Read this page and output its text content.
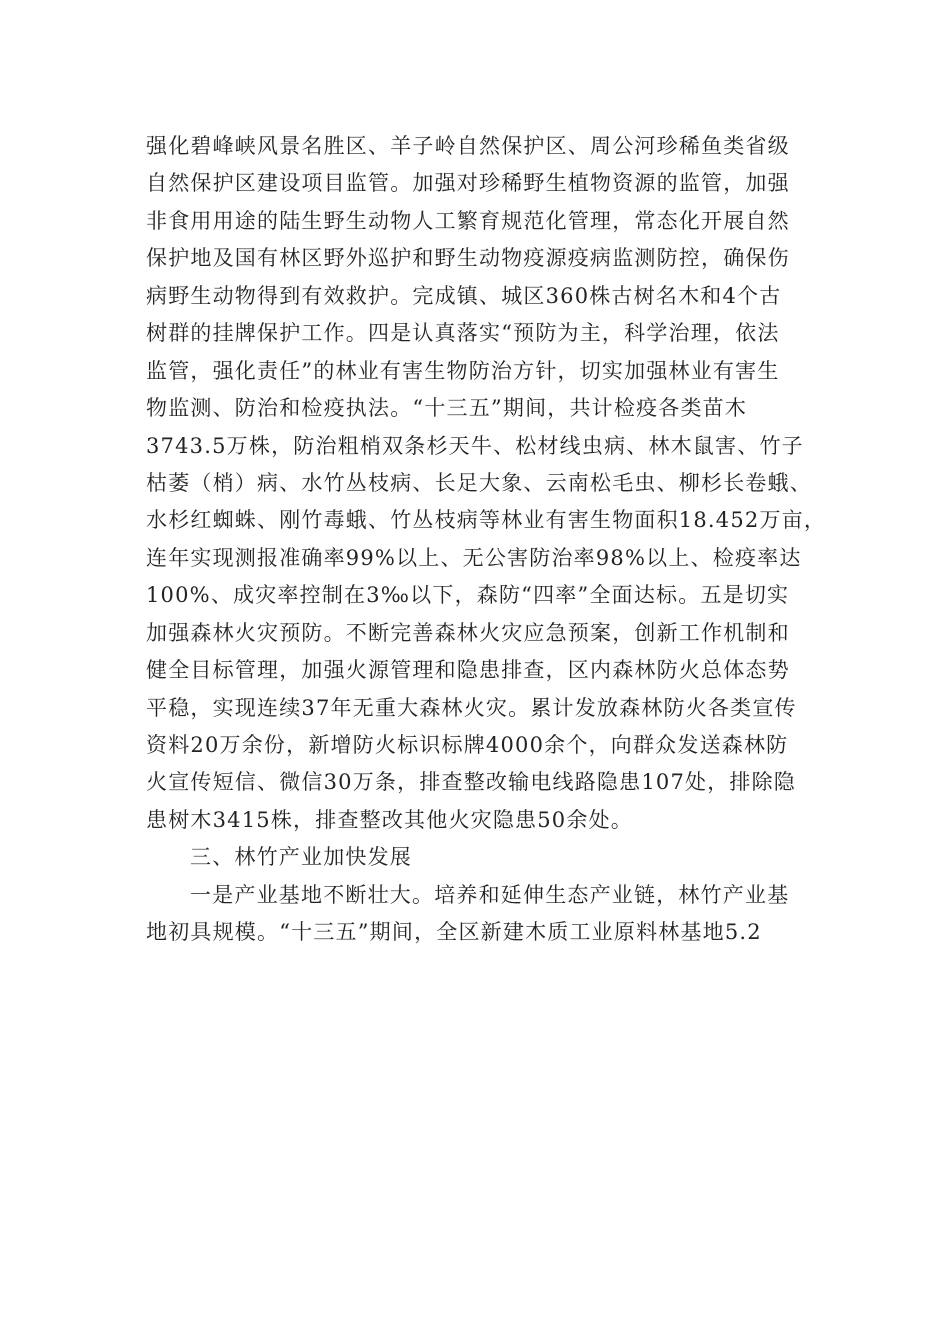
强化碧峰峡风景名胜区、羊子岭自然保护区、周公河珍稀鱼类省级
自然保护区建设项目监管。加强对珍稀野生植物资源的监管，加强
非食用用途的陆生野生动物人工繁育规范化管理，常态化开展自然
保护地及国有林区野外巡护和野生动物疫源疫病监测防控，确保伤
病野生动物得到有效救护。完成镇、城区360株古树名木和4个古
树群的挂牌保护工作。四是认真落实“预防为主，科学治理，依法
监管，强化责任”的林业有害生物防治方针，切实加强林业有害生
物监测、防治和检疫执法。“十三五”期间，共计检疫各类苗木
3743.5万株，防治粗梢双条杉天牛、松材线虫病、林木鼠害、竹子
枯萎（梢）病、水竹丛枝病、长足大象、云南松毛虫、柳杉长卷蛾、
水杉红蜘蛛、刚竹毒蛾、竹丛枝病等林业有害生物面积18.452万亩，
连年实现测报准确率99%以上、无公害防治率98%以上、检疫率达
100%、成灾率控制在3‰以下，森防“四率”全面达标。五是切实
加强森林火灾预防。不断完善森林火灾应急预案，创新工作机制和
健全目标管理，加强火源管理和隐患排查，区内森林防火总体态势
平稳，实现连续37年无重大森林火灾。累计发放森林防火各类宣传
资料20万余份，新增防火标识标牌4000余个，向群众发送森林防
火宣传短信、微信30万条，排查整改输电线路隐患107处，排除隐
患树木3415株，排查整改其他火灾隐患50余处。
三、林竹产业加快发展
一是产业基地不断壮大。培养和延伸生态产业链，林竹产业基
地初具规模。“十三五”期间，全区新建木质工业原料林基地5.2
